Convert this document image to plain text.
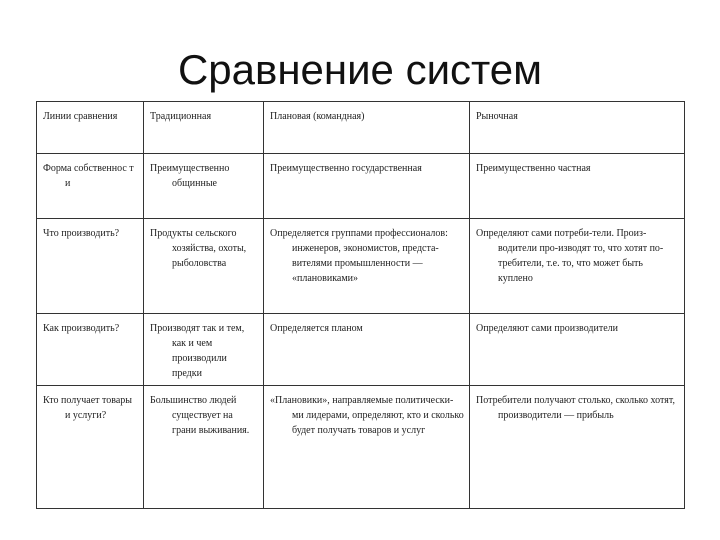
Сравнение систем
Линии сравнения	Традиционная	Плановая (командная)	Рыночная

Форма собственнос ти	Преимущественно общинные	Преимущественно государственная	Преимущественно частная

Что производить?	Продукты сельского хозяйства, охоты, рыболовства	Определяется группами профессионалов: инженеров, экономистов, предста-вителями промышленности — «плановиками»	Определяют сами потреби-тели. Произ-водители про-изводят то, что хотят по-требители, т.е. то, что может быть куплено

Как производить?	Производят так и тем, как и чем производили предки	Определяется планом	Определяют сами производители

Кто получает товары и услуги?	Большинство людей существует на грани выживания.	«Плановики», направляемые политически-ми лидерами, определяют, кто и сколько будет получать товаров и услуг	Потребители получают столько, сколько хотят, производители — прибыль
